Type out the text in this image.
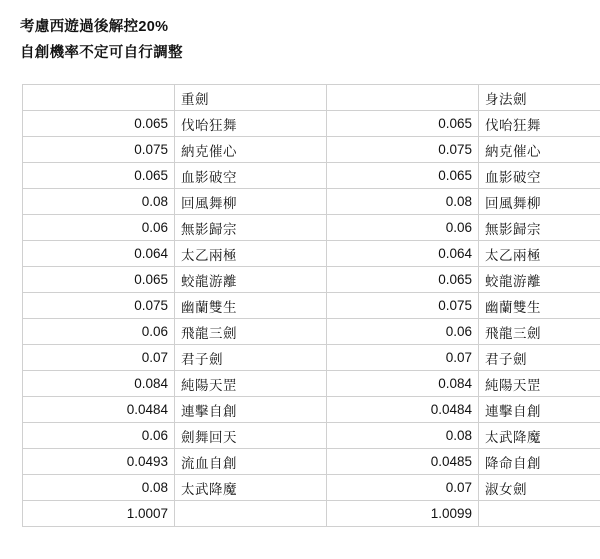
考慮西遊過後解控20%
自創機率不定可自行調整
	重劍		身法劍
0.065	伐咍狂舞	0.065	伐咍狂舞
0.075	納克催心	0.075	納克催心
0.065	血影破空	0.065	血影破空
0.08	回風舞柳	0.08	回風舞柳
0.06	無影歸宗	0.06	無影歸宗
0.064	太乙兩極	0.064	太乙兩極
0.065	蛟龍游離	0.065	蛟龍游離
0.075	幽蘭雙生	0.075	幽蘭雙生
0.06	飛龍三劍	0.06	飛龍三劍
0.07	君子劍	0.07	君子劍
0.084	純陽天罡	0.084	純陽天罡
0.0484	連擊自創	0.0484	連擊自創
0.06	劍舞回天	0.08	太武降魔
0.0493	流血自創	0.0485	降命自創
0.08	太武降魔	0.07	淑女劍
1.0007		1.0099	
